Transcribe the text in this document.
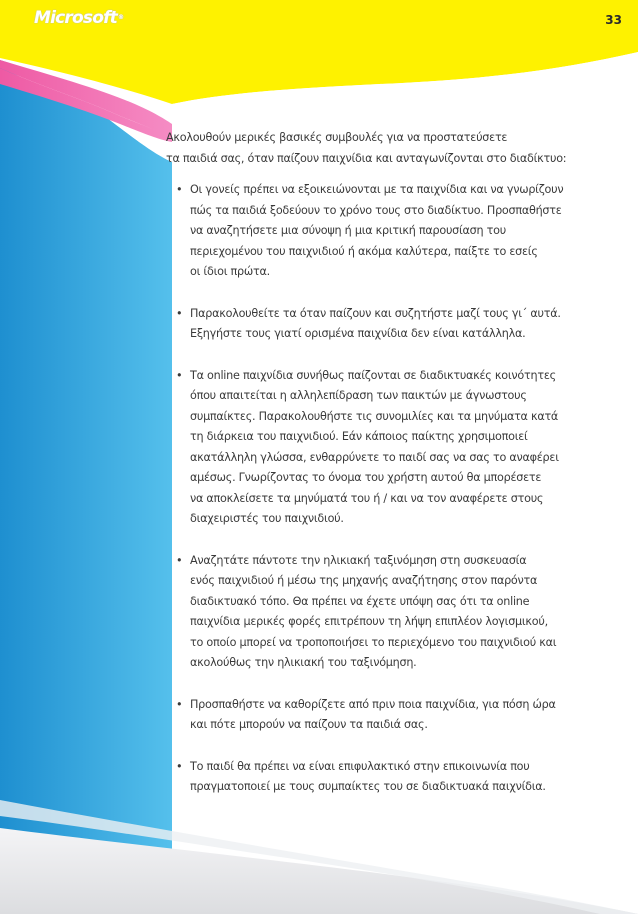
Microsoft®	33

Ακολουθούν μερικές βασικές συμβουλές για να προστατεύσετε
τα παιδιά σας, όταν παίζουν παιχνίδια και ανταγωνίζονται στο διαδίκτυο:

• Οι γονείς πρέπει να εξοικειώνονται με τα παιχνίδια και να γνωρίζουν
πώς τα παιδιά ξοδεύουν το χρόνο τους στο διαδίκτυο. Προσπαθήστε
να αναζητήσετε μια σύνοψη ή μια κριτική παρουσίαση του
περιεχομένου του παιχνιδιού ή ακόμα καλύτερα, παίξτε το εσείς
οι ίδιοι πρώτα.
• Παρακολουθείτε τα όταν παίζουν και συζητήστε μαζί τους γι΄ αυτά.
Εξηγήστε τους γιατί ορισμένα παιχνίδια δεν είναι κατάλληλα.
• Τα online παιχνίδια συνήθως παίζονται σε διαδικτυακές κοινότητες
όπου απαιτείται η αλληλεπίδραση των παικτών με άγνωστους
συμπαίκτες. Παρακολουθήστε τις συνομιλίες και τα μηνύματα κατά
τη διάρκεια του παιχνιδιού. Εάν κάποιος παίκτης χρησιμοποιεί
ακατάλληλη γλώσσα, ενθαρρύνετε το παιδί σας να σας το αναφέρει
αμέσως. Γνωρίζοντας το όνομα του χρήστη αυτού θα μπορέσετε
να αποκλείσετε τα μηνύματά του ή / και να τον αναφέρετε στους
διαχειριστές του παιχνιδιού.
• Αναζητάτε πάντοτε την ηλικιακή ταξινόμηση στη συσκευασία
ενός παιχνιδιού ή μέσω της μηχανής αναζήτησης στον παρόντα
διαδικτυακό τόπο. Θα πρέπει να έχετε υπόψη σας ότι τα online
παιχνίδια μερικές φορές επιτρέπουν τη λήψη επιπλέον λογισμικού,
το οποίο μπορεί να τροποποιήσει το περιεχόμενο του παιχνιδιού και
ακολούθως την ηλικιακή του ταξινόμηση.
• Προσπαθήστε να καθορίζετε από πριν ποια παιχνίδια, για πόση ώρα
και πότε μπορούν να παίζουν τα παιδιά σας.
• Το παιδί θα πρέπει να είναι επιφυλακτικό στην επικοινωνία που
πραγματοποιεί με τους συμπαίκτες του σε διαδικτυακά παιχνίδια.
